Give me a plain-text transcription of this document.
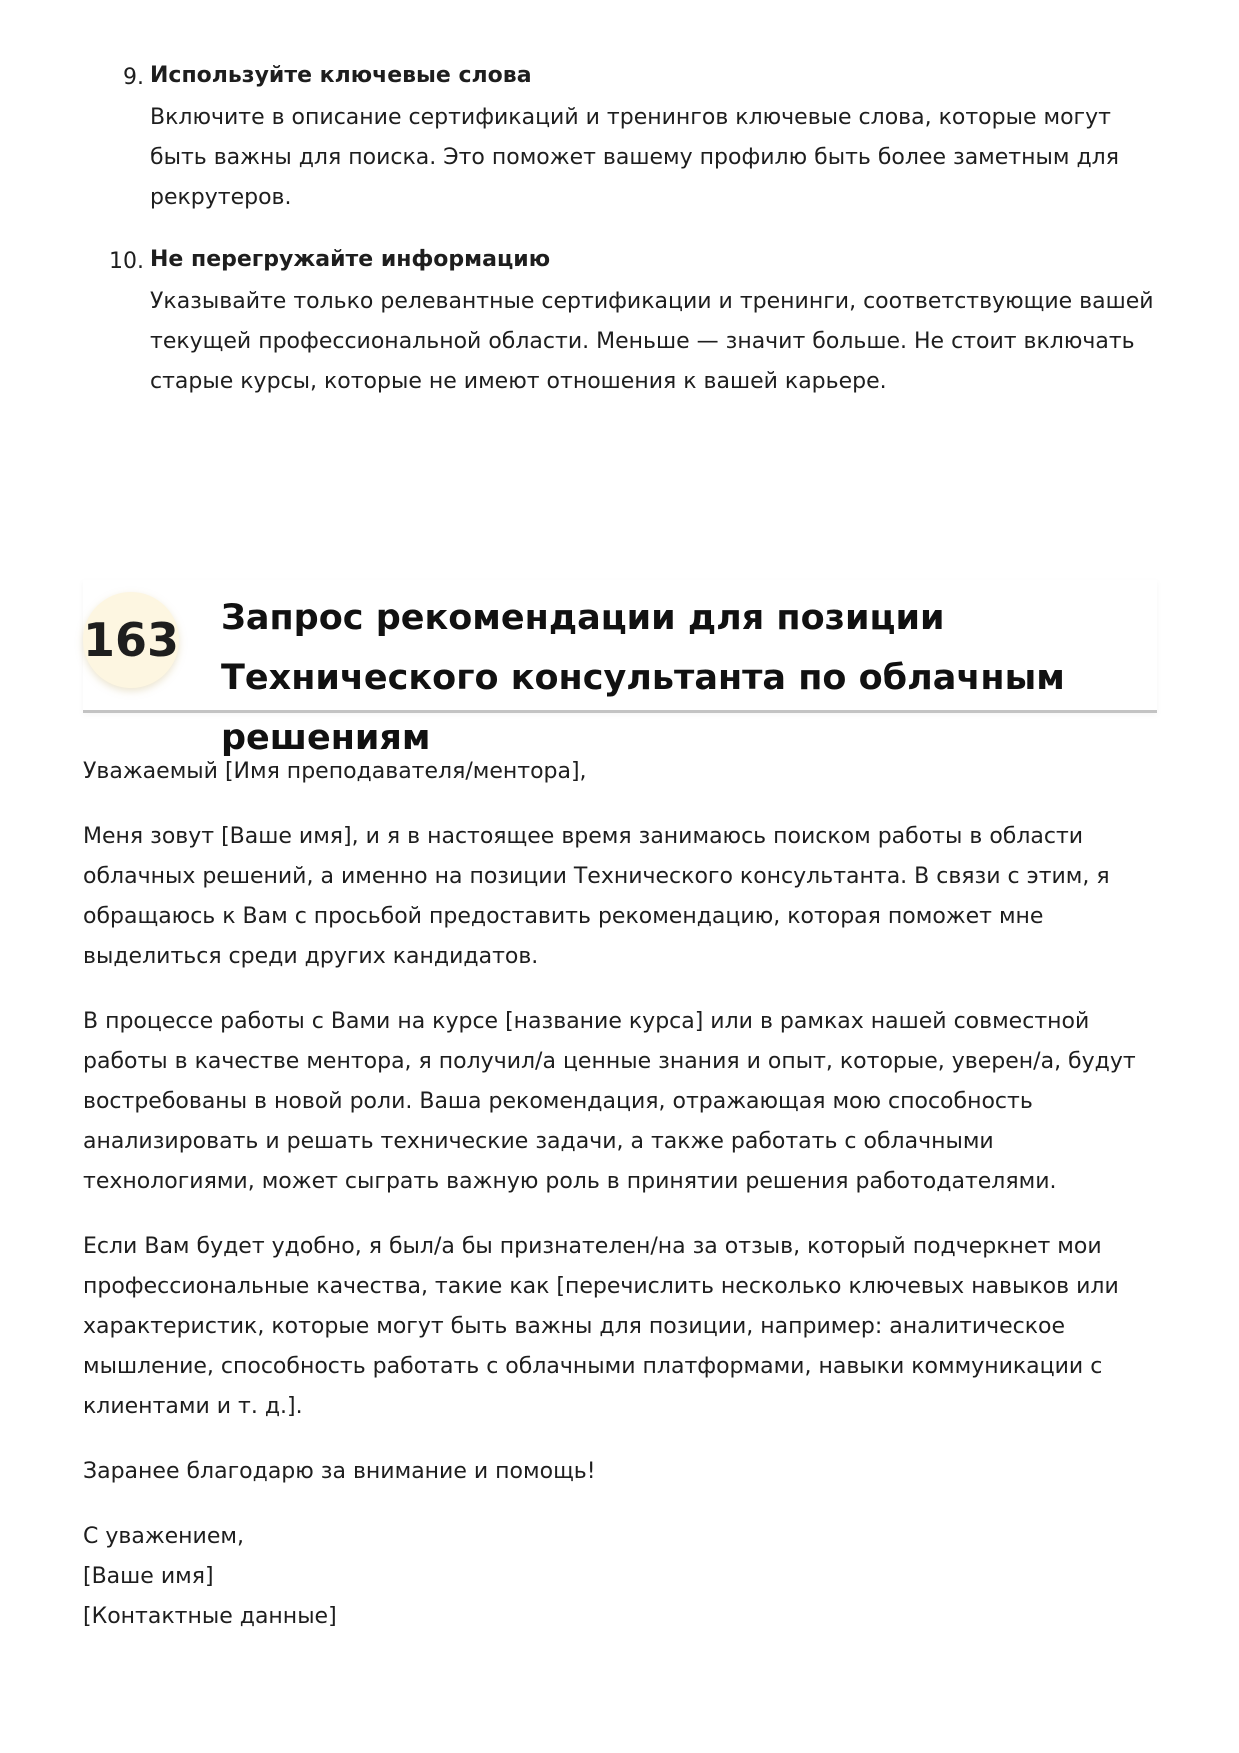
9. Используйте ключевые слова

Включите в описание сертификаций и тренингов ключевые слова, которые могут быть важны для поиска. Это поможет вашему профилю быть более заметным для рекрутеров.

10. Не перегружайте информацию

Указывайте только релевантные сертификации и тренинги, соответствующие вашей текущей профессиональной области. Меньше — значит больше. Не стоит включать старые курсы, которые не имеют отношения к вашей карьере.

163 Запрос рекомендации для позиции Технического консультанта по облачным решениям

Уважаемый [Имя преподавателя/ментора],

Меня зовут [Ваше имя], и я в настоящее время занимаюсь поиском работы в области облачных решений, а именно на позиции Технического консультанта. В связи с этим, я обращаюсь к Вам с просьбой предоставить рекомендацию, которая поможет мне выделиться среди других кандидатов.

В процессе работы с Вами на курсе [название курса] или в рамках нашей совместной работы в качестве ментора, я получил/а ценные знания и опыт, которые, уверен/а, будут востребованы в новой роли. Ваша рекомендация, отражающая мою способность анализировать и решать технические задачи, а также работать с облачными технологиями, может сыграть важную роль в принятии решения работодателями.

Если Вам будет удобно, я был/а бы признателен/на за отзыв, который подчеркнет мои профессиональные качества, такие как [перечислить несколько ключевых навыков или характеристик, которые могут быть важны для позиции, например: аналитическое мышление, способность работать с облачными платформами, навыки коммуникации с клиентами и т. д.].

Заранее благодарю за внимание и помощь!

С уважением,

[Ваше имя]

[Контактные данные]
